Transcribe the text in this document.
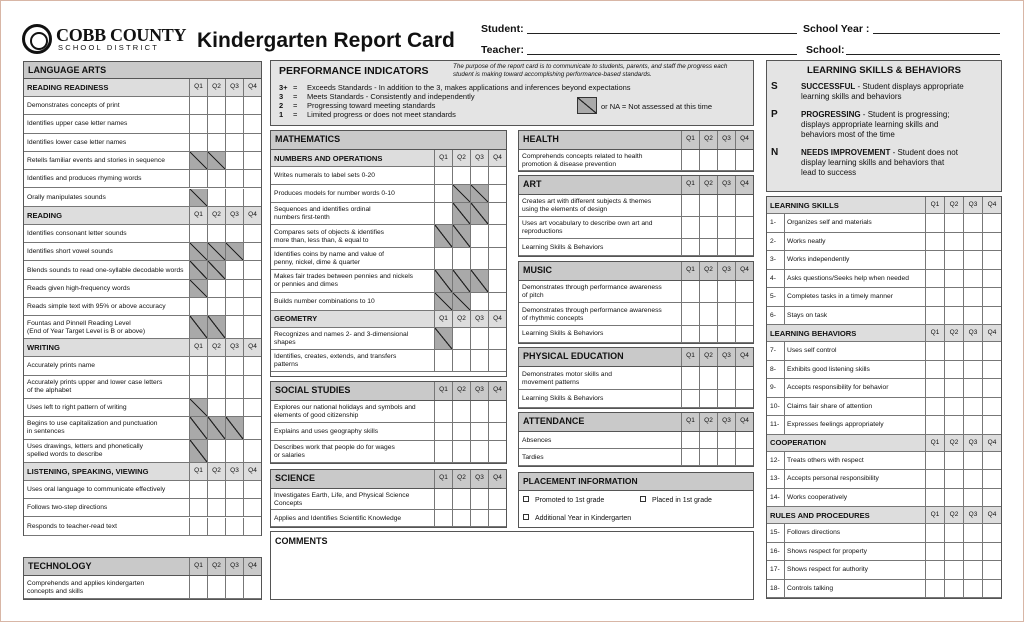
COBB COUNTY
SCHOOL DISTRICT Kindergarten Report Card Student:
Teacher:
School Year :
School:
LANGUAGE ARTS
READING READINESS	Q1	Q2	Q3	Q4
Demonstrates concepts of print
Identifies upper case letter names
Identifies lower case letter names
Retells familiar events and stories in sequence
Identifies and produces rhyming words
Orally manipulates sounds
READING	Q1	Q2	Q3	Q4
Identifies consonant letter sounds
Identifies short vowel sounds
Blends sounds to read one-syllable decodable words
Reads given high-frequency words
Reads simple text with 95% or above accuracy
Fountas and Pinnell Reading Level
(End of Year Target Level is B or above)
WRITING	Q1	Q2	Q3	Q4
Accurately prints name
Accurately prints upper and lower case letters
of the alphabet
Uses left to right pattern of writing
Begins to use capitalization and punctuation
in sentences
Uses drawings, letters and phonetically
spelled words to describe
LISTENING, SPEAKING, VIEWING	Q1	Q2	Q3	Q4
Uses oral language to communicate effectively
Follows two-step directions
Responds to teacher-read text
TECHNOLOGY	Q1	Q2	Q3	Q4
Comprehends and applies kindergarten
concepts and skills
PERFORMANCE INDICATORS	The purpose of the report card is to communicate to students, parents, and staff the progress each student is making toward accomplishing performance-based standards.
3+ = Exceeds Standards - In addition to the 3, makes applications and inferences beyond expectations
3 = Meets Standards - Consistently and independently
2 = Progressing toward meeting standards
1 = Limited progress or does not meet standards
or NA = Not assessed at this time
MATHEMATICS
NUMBERS AND OPERATIONS	Q1	Q2	Q3	Q4
Writes numerals to label sets 0-20
Produces models for number words 0-10
Sequences and identifies ordinal
numbers first-tenth
Compares sets of objects & identifies
more than, less than, & equal to
Identifies coins by name and value of
penny, nickel, dime & quarter
Makes fair trades between pennies and nickels
or pennies and dimes
Builds number combinations to 10
GEOMETRY	Q1	Q2	Q3	Q4
Recognizes and names 2- and 3-dimensional
shapes
Identifies, creates, extends, and transfers
patterns
SOCIAL STUDIES	Q1	Q2	Q3	Q4
Explores our national holidays and symbols and
elements of good citizenship
Explains and uses geography skills
Describes work that people do for wages
or salaries
SCIENCE	Q1	Q2	Q3	Q4
Investigates Earth, Life, and Physical Science
Concepts
Applies and Identifies Scientific Knowledge
COMMENTS
HEALTH	Q1	Q2	Q3	Q4
Comprehends concepts related to health
promotion & disease prevention
ART	Q1	Q2	Q3	Q4
Creates art with different subjects & themes
using the elements of design
Uses art vocabulary to describe own art and
reproductions
Learning Skills & Behaviors
MUSIC	Q1	Q2	Q3	Q4
Demonstrates through performance awareness
of pitch
Demonstrates through performance awareness
of rhythmic concepts
Learning Skills & Behaviors
PHYSICAL EDUCATION	Q1	Q2	Q3	Q4
Demonstrates motor skills and
movement patterns
Learning Skills & Behaviors
ATTENDANCE	Q1	Q2	Q3	Q4
Absences
Tardies
PLACEMENT INFORMATION
Promoted to 1st grade	Placed in 1st grade
Additional Year in Kindergarten
LEARNING SKILLS & BEHAVIORS
S	SUCCESSFUL - Student displays appropriate
learning skills and behaviors
P	PROGRESSING - Student is progressing;
displays appropriate learning skills and
behaviors most of the time
N	NEEDS IMPROVEMENT - Student does not
display learning skills and behaviors that
lead to success
LEARNING SKILLS	Q1	Q2	Q3	Q4
1- Organizes self and materials
2- Works neatly
3- Works independently
4- Asks questions/Seeks help when needed
5- Completes tasks in a timely manner
6- Stays on task
LEARNING BEHAVIORS	Q1	Q2	Q3	Q4
7- Uses self control
8- Exhibits good listening skills
9- Accepts responsibility for behavior
10- Claims fair share of attention
11- Expresses feelings appropriately
COOPERATION	Q1	Q2	Q3	Q4
12- Treats others with respect
13- Accepts personal responsibility
14- Works cooperatively
RULES AND PROCEDURES	Q1	Q2	Q3	Q4
15- Follows directions
16- Shows respect for property
17- Shows respect for authority
18- Controls talking
